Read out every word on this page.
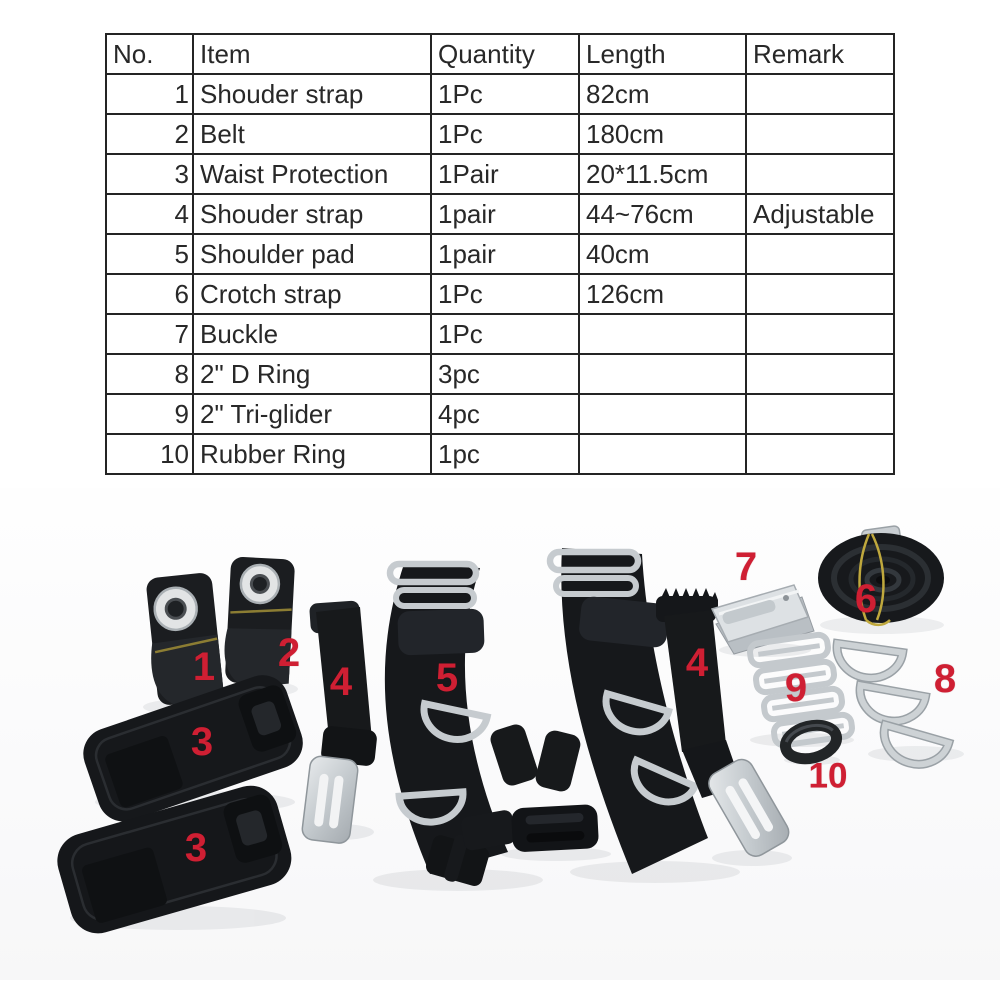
No.	Item	Quantity	Length	Remark
1	Shouder strap	1Pc	82cm	
2	Belt	1Pc	180cm	
3	Waist Protection	1Pair	20*11.5cm	
4	Shouder strap	1pair	44~76cm	Adjustable
5	Shoulder pad	1pair	40cm	
6	Crotch strap	1Pc	126cm	
7	Buckle	1Pc		
8	2" D Ring	3pc		
9	2" Tri-glider	4pc		
10	Rubber Ring	1pc		
1 2
3
3
4	4
5
6
7
8
9
10
